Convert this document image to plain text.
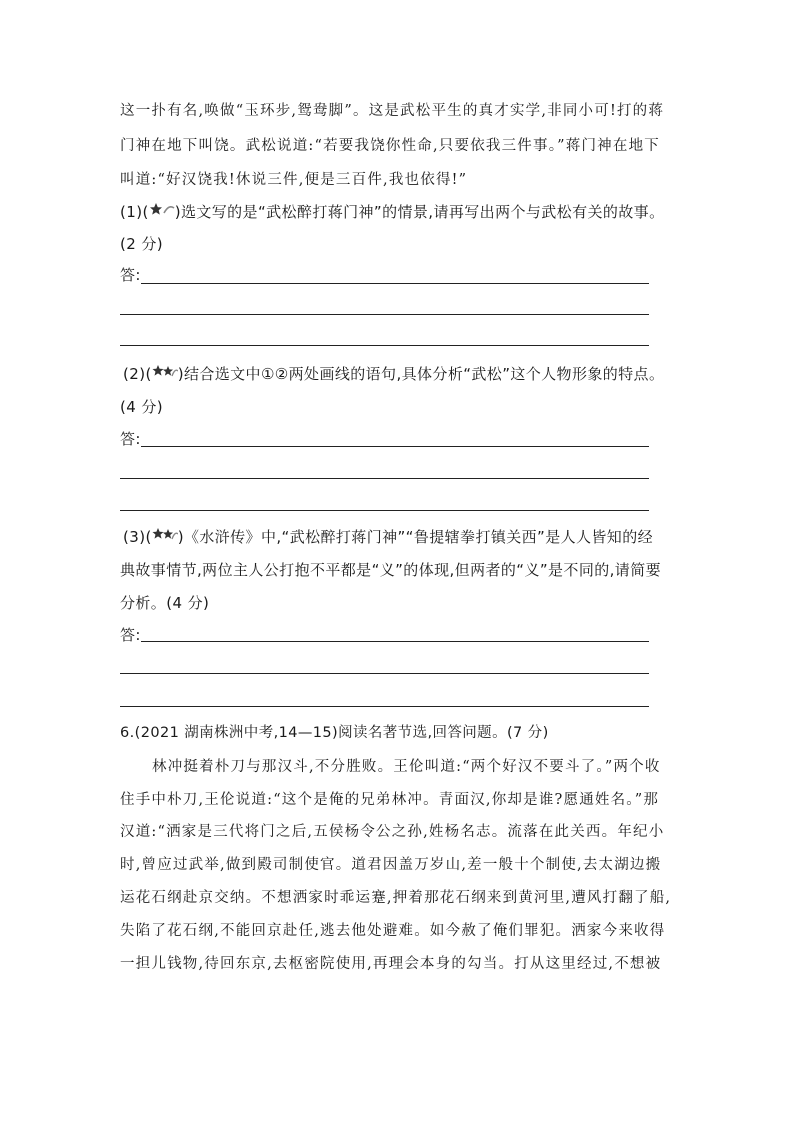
这一扑有名,唤做“玉环步,鸳鸯脚”。这是武松平生的真才实学,非同小可!打的蒋
门神在地下叫饶。武松说道:“若要我饶你性命,只要依我三件事。”蒋门神在地下
叫道:“好汉饶我!休说三件,便是三百件,我也依得!”
(1)( )选文写的是“武松醉打蒋门神”的情景,请再写出两个与武松有关的故事。
(2 分)
答:
(2)( )结合选文中①②两处画线的语句,具体分析“武松”这个人物形象的特点。
(4 分)
答:
(3)( )《水浒传》中,“武松醉打蒋门神”“鲁提辖拳打镇关西”是人人皆知的经
典故事情节,两位主人公打抱不平都是“义”的体现,但两者的“义”是不同的,请简要
分析。(4 分)
答:
6.(2021 湖南株洲中考,14—15)阅读名著节选,回答问题。(7 分)
林冲挺着朴刀与那汉斗,不分胜败。王伦叫道:“两个好汉不要斗了。”两个收
住手中朴刀,王伦说道:“这个是俺的兄弟林冲。青面汉,你却是谁?愿通姓名。”那
汉道:“洒家是三代将门之后,五侯杨令公之孙,姓杨名志。流落在此关西。年纪小
时,曾应过武举,做到殿司制使官。道君因盖万岁山,差一般十个制使,去太湖边搬
运花石纲赴京交纳。不想洒家时乖运蹇,押着那花石纲来到黄河里,遭风打翻了船,
失陷了花石纲,不能回京赴任,逃去他处避难。如今赦了俺们罪犯。洒家今来收得
一担儿钱物,待回东京,去枢密院使用,再理会本身的勾当。打从这里经过,不想被
